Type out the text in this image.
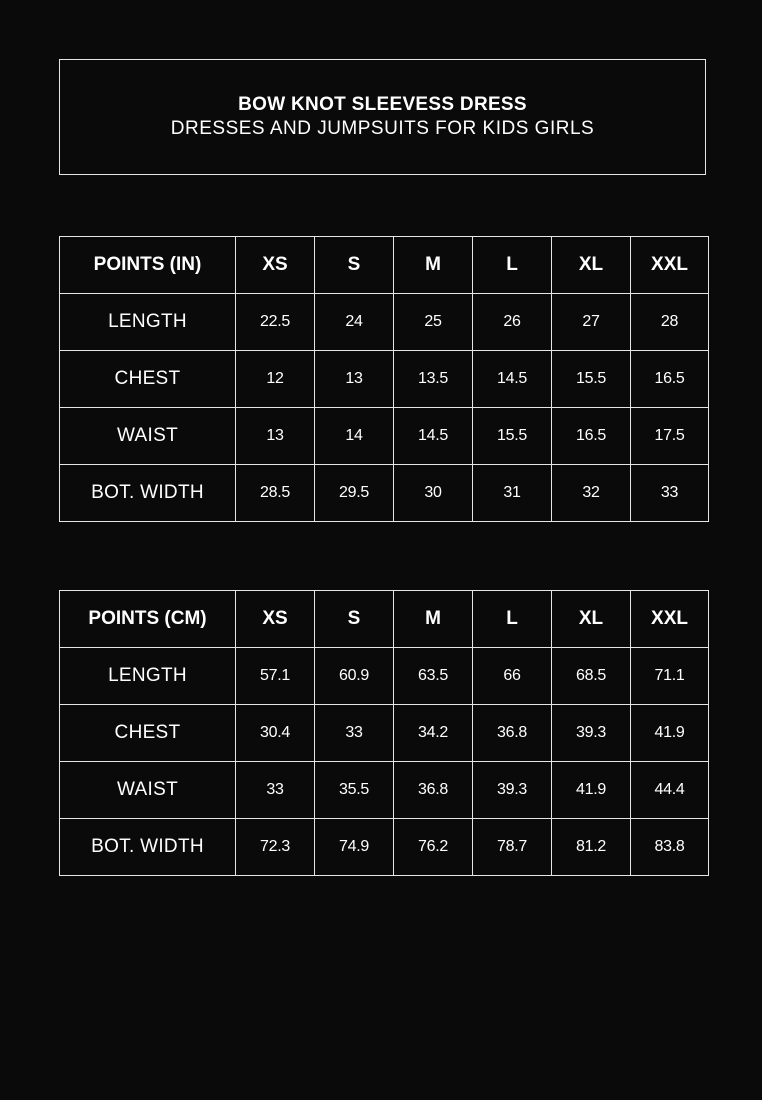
BOW KNOT SLEEVESS DRESS
DRESSES AND JUMPSUITS FOR KIDS GIRLS
POINTS (IN)	XS	S	M	L	XL	XXL
LENGTH	22.5	24	25	26	27	28
CHEST	12	13	13.5	14.5	15.5	16.5
WAIST	13	14	14.5	15.5	16.5	17.5
BOT. WIDTH	28.5	29.5	30	31	32	33
POINTS (CM)	XS	S	M	L	XL	XXL
LENGTH	57.1	60.9	63.5	66	68.5	71.1
CHEST	30.4	33	34.2	36.8	39.3	41.9
WAIST	33	35.5	36.8	39.3	41.9	44.4
BOT. WIDTH	72.3	74.9	76.2	78.7	81.2	83.8
